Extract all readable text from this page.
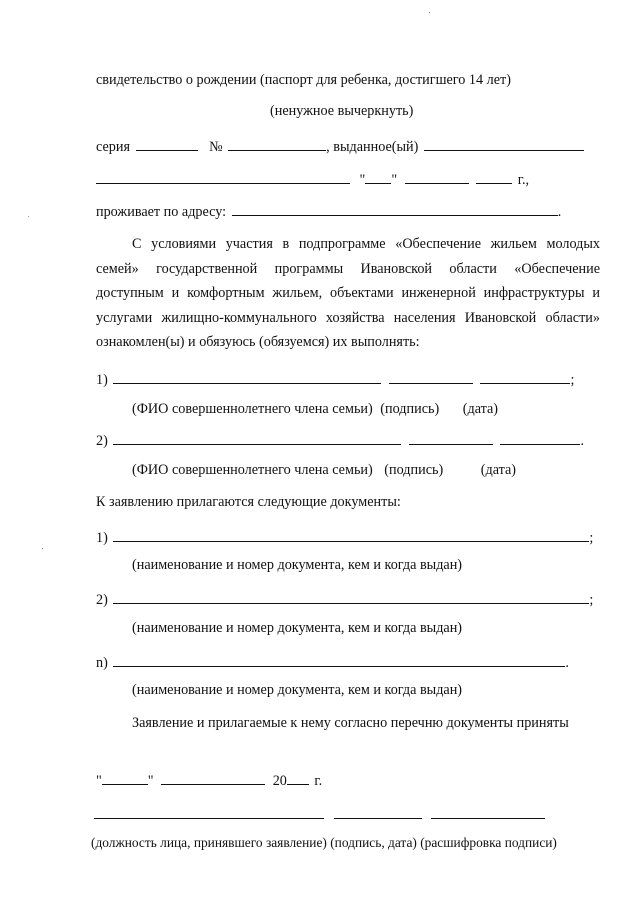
свидетельство о рождении (паспорт для ребенка, достигшего 14 лет)
(ненужное вычеркнуть)
серия	№	, выданное(ый)
" "	г.,
проживает по адресу:	.
С условиями участия в подпрограмме «Обеспечение жильем молодых семей» государственной программы Ивановской области «Обеспечение доступным и комфортным жильем, объектами инженерной инфраструктуры и услугами жилищно-коммунального хозяйства населения Ивановской области» ознакомлен(ы) и обязуюсь (обязуемся) их выполнять:
1)	;
(ФИО совершеннолетнего члена семьи) (подпись) (дата)
2)	.
(ФИО совершеннолетнего члена семьи) (подпись)	(дата)
К заявлению прилагаются следующие документы:
1)	;
(наименование и номер документа, кем и когда выдан)
2)	;
(наименование и номер документа, кем и когда выдан)
n)	.
(наименование и номер документа, кем и когда выдан)
Заявление и прилагаемые к нему согласно перечню документы приняты
"	"	20 г.

(должность лица, принявшего заявление) (подпись, дата) (расшифровка подписи)
